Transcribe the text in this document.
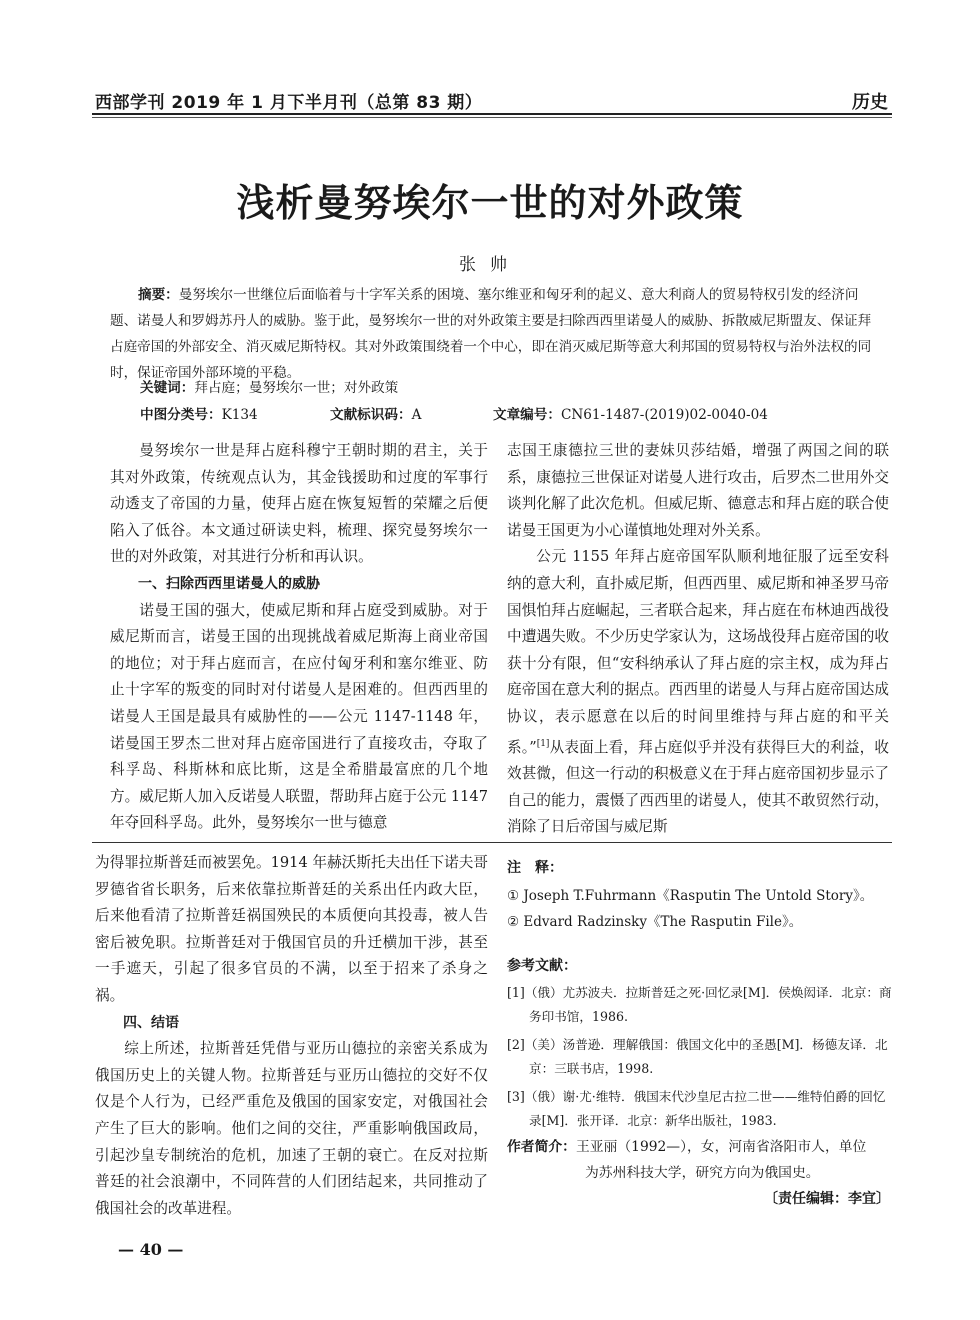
西部学刊 2019 年 1 月下半月刊（总第 83 期）	历史
浅析曼努埃尔一世的对外政策
张帅
摘要：曼努埃尔一世继位后面临着与十字军关系的困境、塞尔维亚和匈牙利的起义、意大利商人的贸易特权引发的经济问题、诺曼人和罗姆苏丹人的威胁。鉴于此，曼努埃尔一世的对外政策主要是扫除西西里诺曼人的威胁、拆散威尼斯盟友、保证拜占庭帝国的外部安全、消灭威尼斯特权。其对外政策围绕着一个中心，即在消灭威尼斯等意大利邦国的贸易特权与治外法权的同时，保证帝国外部环境的平稳。
关键词：拜占庭；曼努埃尔一世；对外政策
中图分类号：K134	文献标识码：A	文章编号：CN61-1487-(2019)02-0040-04

曼努埃尔一世是拜占庭科穆宁王朝时期的君主，关于其对外政策，传统观点认为，其金钱援助和过度的军事行动透支了帝国的力量，使拜占庭在恢复短暂的荣耀之后便陷入了低谷。本文通过研读史料，梳理、探究曼努埃尔一世的对外政策，对其进行分析和再认识。

一、扫除西西里诺曼人的威胁

诺曼王国的强大，使威尼斯和拜占庭受到威胁。对于威尼斯而言，诺曼王国的出现挑战着威尼斯海上商业帝国的地位；对于拜占庭而言，在应付匈牙利和塞尔维亚、防止十字军的叛变的同时对付诺曼人是困难的。但西西里的诺曼人王国是最具有威胁性的——公元 1147-1148 年，诺曼国王罗杰二世对拜占庭帝国进行了直接攻击，夺取了科孚岛、科斯林和底比斯，这是全希腊最富庶的几个地方。威尼斯人加入反诺曼人联盟，帮助拜占庭于公元 1147 年夺回科孚岛。此外，曼努埃尔一世与德意

志国王康德拉三世的妻妹贝莎结婚，增强了两国之间的联系，康德拉三世保证对诺曼人进行攻击，后罗杰二世用外交谈判化解了此次危机。但威尼斯、德意志和拜占庭的联合使诺曼王国更为小心谨慎地处理对外关系。

公元 1155 年拜占庭帝国军队顺利地征服了远至安科纳的意大利，直扑威尼斯，但西西里、威尼斯和神圣罗马帝国惧怕拜占庭崛起，三者联合起来，拜占庭在布林迪西战役中遭遇失败。不少历史学家认为，这场战役拜占庭帝国的收获十分有限，但“安科纳承认了拜占庭的宗主权，成为拜占庭帝国在意大利的据点。西西里的诺曼人与拜占庭帝国达成协议，表示愿意在以后的时间里维持与拜占庭的和平关系。”[1]从表面上看，拜占庭似乎并没有获得巨大的利益，收效甚微，但这一行动的积极意义在于拜占庭帝国初步显示了自己的能力，震慑了西西里的诺曼人，使其不敢贸然行动，消除了日后帝国与威尼斯

为得罪拉斯普廷而被罢免。1914 年赫沃斯托夫出任下诺夫哥罗德省省长职务，后来依靠拉斯普廷的关系出任内政大臣，后来他看清了拉斯普廷祸国殃民的本质便向其投毒，被人告密后被免职。拉斯普廷对于俄国官员的升迁横加干涉，甚至一手遮天，引起了很多官员的不满，以至于招来了杀身之祸。

四、结语

综上所述，拉斯普廷凭借与亚历山德拉的亲密关系成为俄国历史上的关键人物。拉斯普廷与亚历山德拉的交好不仅仅是个人行为，已经严重危及俄国的国家安定，对俄国社会产生了巨大的影响。他们之间的交往，严重影响俄国政局，引起沙皇专制统治的危机，加速了王朝的衰亡。在反对拉斯普廷的社会浪潮中，不同阵营的人们团结起来，共同推动了俄国社会的改革进程。

注　释：

① Joseph T.Fuhrmann《Rasputin The Untold Story》。

② Edvard Radzinsky《The Rasputin File》。

参考文献：

[1]（俄）尤苏波夫．拉斯普廷之死·回忆录[M]．侯焕闳译．北京：商务印书馆，1986.

[2]（美）汤普逊．理解俄国：俄国文化中的圣愚[M]．杨德友译．北京：三联书店，1998.

[3]（俄）谢·尤·维特．俄国末代沙皇尼古拉二世——维特伯爵的回忆录[M]．张开译．北京：新华出版社，1983.

作者简介：王亚丽（1992—），女，河南省洛阳市人，单位
为苏州科技大学，研究方向为俄国史。
〔责任编辑：李宜〕
— 40 —
